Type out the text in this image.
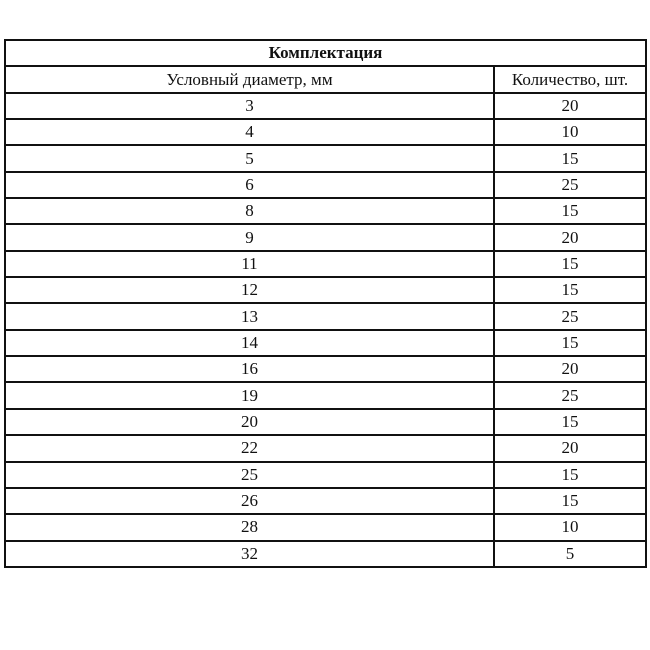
Комплектация	
Условный диаметр, мм	Количество, шт.
3	20
4	10
5	15
6	25
8	15
9	20
11	15
12	15
13	25
14	15
16	20
19	25
20	15
22	20
25	15
26	15
28	10
32	5
